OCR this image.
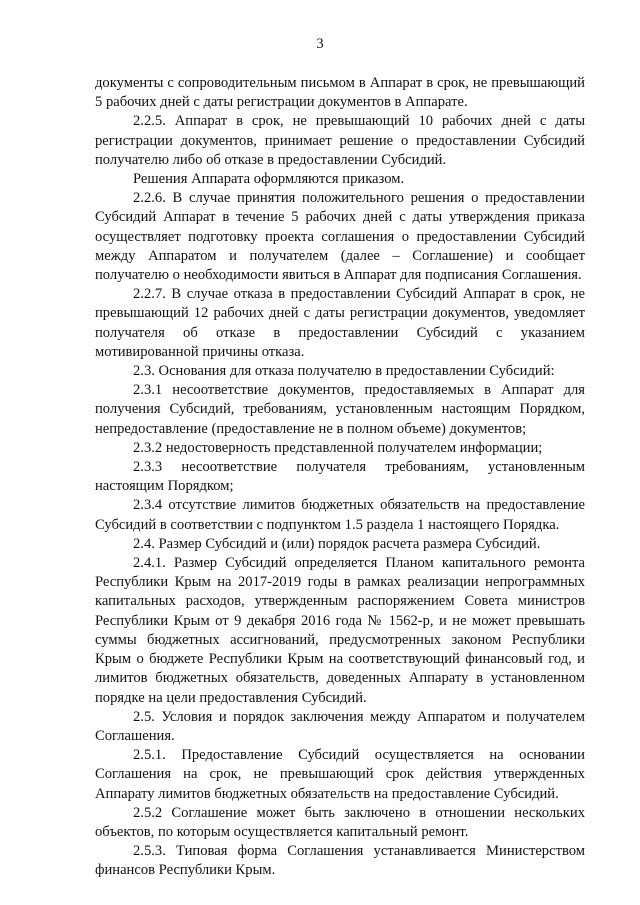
3

документы с сопроводительным письмом в Аппарат в срок, не превышающий 5 рабочих дней с даты регистрации документов в Аппарате.

2.2.5. Аппарат в срок, не превышающий 10 рабочих дней с даты регистрации документов, принимает решение о предоставлении Субсидий получателю либо об отказе в предоставлении Субсидий.

Решения Аппарата оформляются приказом.

2.2.6. В случае принятия положительного решения о предоставлении Субсидий Аппарат в течение 5 рабочих дней с даты утверждения приказа осуществляет подготовку проекта соглашения о предоставлении Субсидий между Аппаратом и получателем (далее – Соглашение) и сообщает получателю о необходимости явиться в Аппарат для подписания Соглашения.

2.2.7. В случае отказа в предоставлении Субсидий Аппарат в срок, не превышающий 12 рабочих дней с даты регистрации документов, уведомляет получателя об отказе в предоставлении Субсидий с указанием мотивированной причины отказа.

2.3. Основания для отказа получателю в предоставлении Субсидий:

2.3.1 несоответствие документов, предоставляемых в Аппарат для получения Субсидий, требованиям, установленным настоящим Порядком, непредоставление (предоставление не в полном объеме) документов;

2.3.2 недостоверность представленной получателем информации;

2.3.3 несоответствие получателя требованиям, установленным настоящим Порядком;

2.3.4 отсутствие лимитов бюджетных обязательств на предоставление Субсидий в соответствии с подпунктом 1.5 раздела 1 настоящего Порядка.

2.4. Размер Субсидий и (или) порядок расчета размера Субсидий.

2.4.1. Размер Субсидий определяется Планом капитального ремонта Республики Крым на 2017-2019 годы в рамках реализации непрограммных капитальных расходов, утвержденным распоряжением Совета министров Республики Крым от 9 декабря 2016 года № 1562-р, и не может превышать суммы бюджетных ассигнований, предусмотренных законом Республики Крым о бюджете Республики Крым на соответствующий финансовый год, и лимитов бюджетных обязательств, доведенных Аппарату в установленном порядке на цели предоставления Субсидий.

2.5. Условия и порядок заключения между Аппаратом и получателем Соглашения.

2.5.1. Предоставление Субсидий осуществляется на основании Соглашения на срок, не превышающий срок действия утвержденных Аппарату лимитов бюджетных обязательств на предоставление Субсидий.

2.5.2 Соглашение может быть заключено в отношении нескольких объектов, по которым осуществляется капитальный ремонт.

2.5.3. Типовая форма Соглашения устанавливается Министерством финансов Республики Крым.
